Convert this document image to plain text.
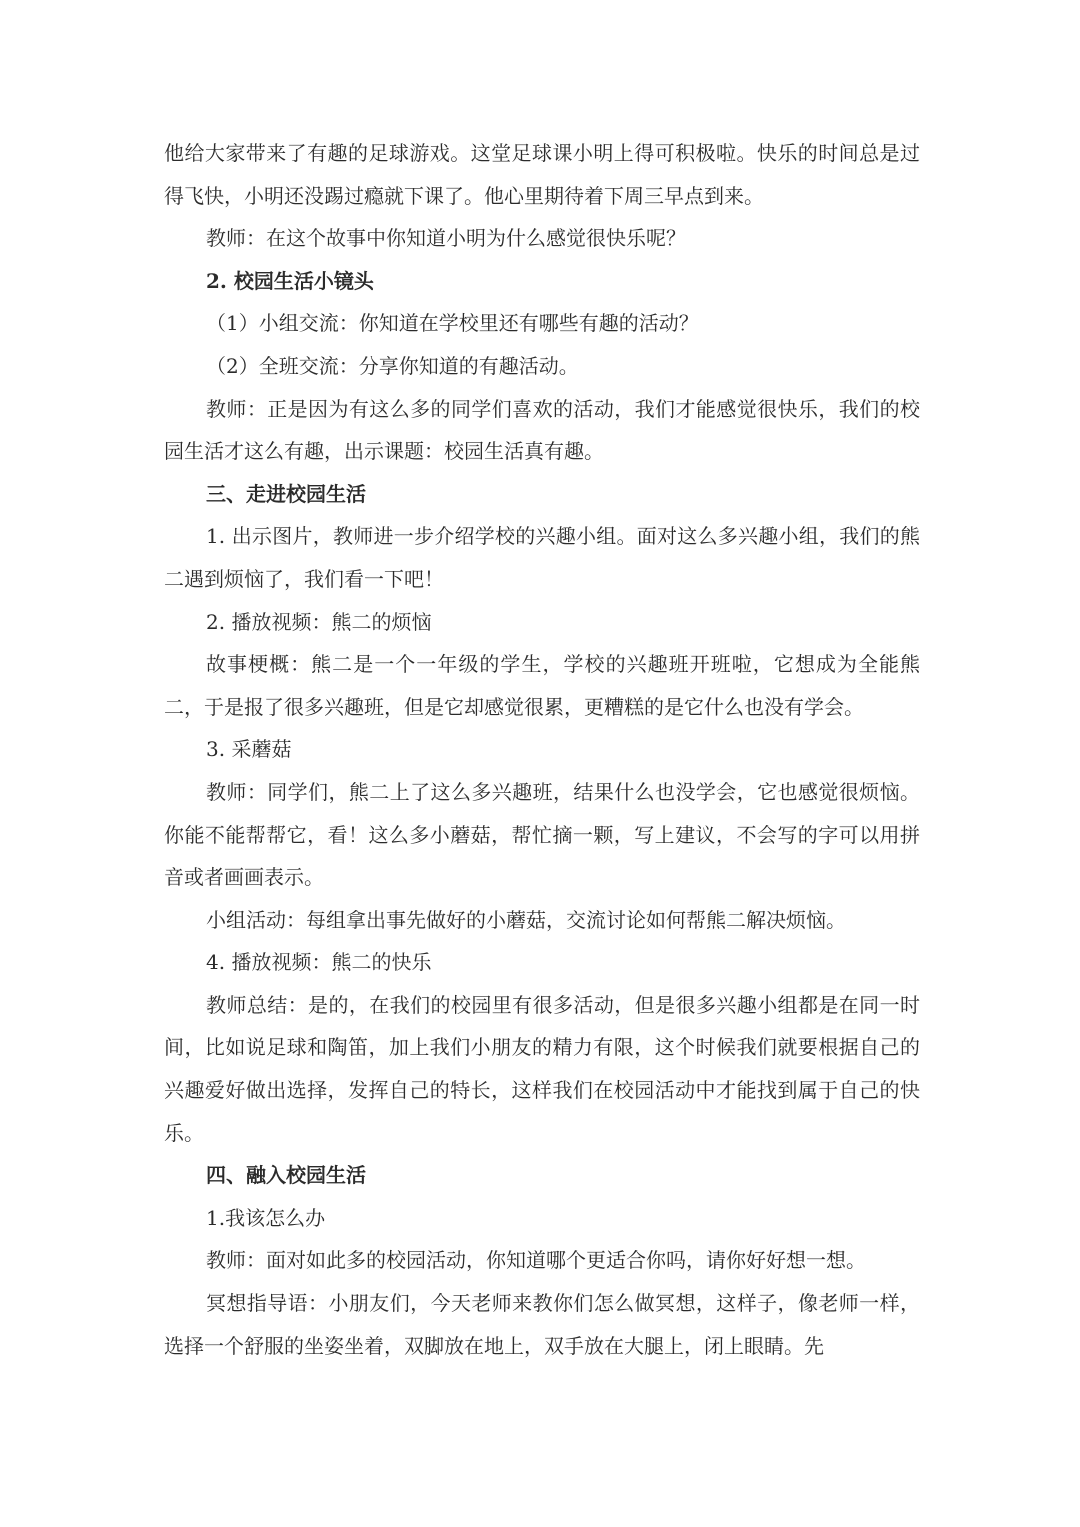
他给大家带来了有趣的足球游戏。这堂足球课小明上得可积极啦。快乐的时间总是过得飞快，小明还没踢过瘾就下课了。他心里期待着下周三早点到来。

教师：在这个故事中你知道小明为什么感觉很快乐呢？

2. 校园生活小镜头

（1）小组交流：你知道在学校里还有哪些有趣的活动？

（2）全班交流：分享你知道的有趣活动。

教师：正是因为有这么多的同学们喜欢的活动，我们才能感觉很快乐，我们的校园生活才这么有趣，出示课题：校园生活真有趣。

三、走进校园生活

1. 出示图片，教师进一步介绍学校的兴趣小组。面对这么多兴趣小组，我们的熊二遇到烦恼了，我们看一下吧！

2. 播放视频：熊二的烦恼

故事梗概：熊二是一个一年级的学生，学校的兴趣班开班啦，它想成为全能熊二，于是报了很多兴趣班，但是它却感觉很累，更糟糕的是它什么也没有学会。

3. 采蘑菇

教师：同学们，熊二上了这么多兴趣班，结果什么也没学会，它也感觉很烦恼。你能不能帮帮它，看！这么多小蘑菇，帮忙摘一颗，写上建议，不会写的字可以用拼音或者画画表示。

小组活动：每组拿出事先做好的小蘑菇，交流讨论如何帮熊二解决烦恼。

4. 播放视频：熊二的快乐

教师总结：是的，在我们的校园里有很多活动，但是很多兴趣小组都是在同一时间，比如说足球和陶笛，加上我们小朋友的精力有限，这个时候我们就要根据自己的兴趣爱好做出选择，发挥自己的特长，这样我们在校园活动中才能找到属于自己的快乐。

四、融入校园生活

1.我该怎么办

教师：面对如此多的校园活动，你知道哪个更适合你吗，请你好好想一想。

冥想指导语：小朋友们，今天老师来教你们怎么做冥想，这样子，像老师一样，选择一个舒服的坐姿坐着，双脚放在地上，双手放在大腿上，闭上眼睛。先
